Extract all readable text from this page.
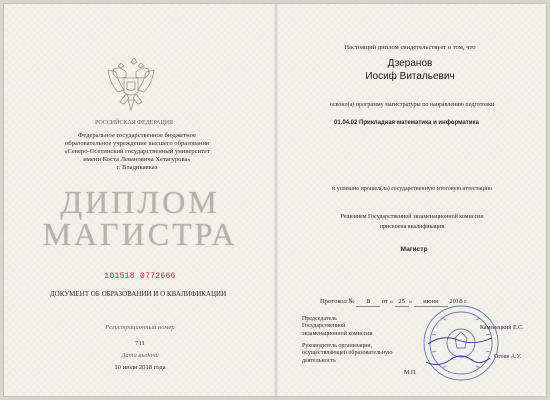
РОССИЙСКАЯ ФЕДЕРАЦИЯ
Федеральное государственное бюджетное
образовательное учреждение высшего образования
«Северо-Осетинский государственный университет
имени Коста Левановича Хетагурова»
г. Владикавказ
ДИПЛОМ
МАГИСТРА
101518 0772666
ДОКУМЕНТ ОБ ОБРАЗОВАНИИ И О КВАЛИФИКАЦИИ
Регистрационный номер
711
Дата выдачи
10 июля 2018 года
Настоящий диплом свидетельствует о том, что
Дзеранов
Иосиф Витальевич
освоил(а) программу магистратуры по направлению подготовки
01.04.02 Прикладная математика и информатика
и успешно прошел(ла) государственную итоговую аттестацию
Решением Государственной экзаменационной комиссии
присвоена квалификация
Магистр
Протокол № 8 от « 25 » июня 2018 г.
Председатель
Государственной
экзаменационной комиссии
Руководитель организации,
осуществляющей образовательную
деятельность
Каменецкий Е.С.
Огоев А.У.
М.П.
